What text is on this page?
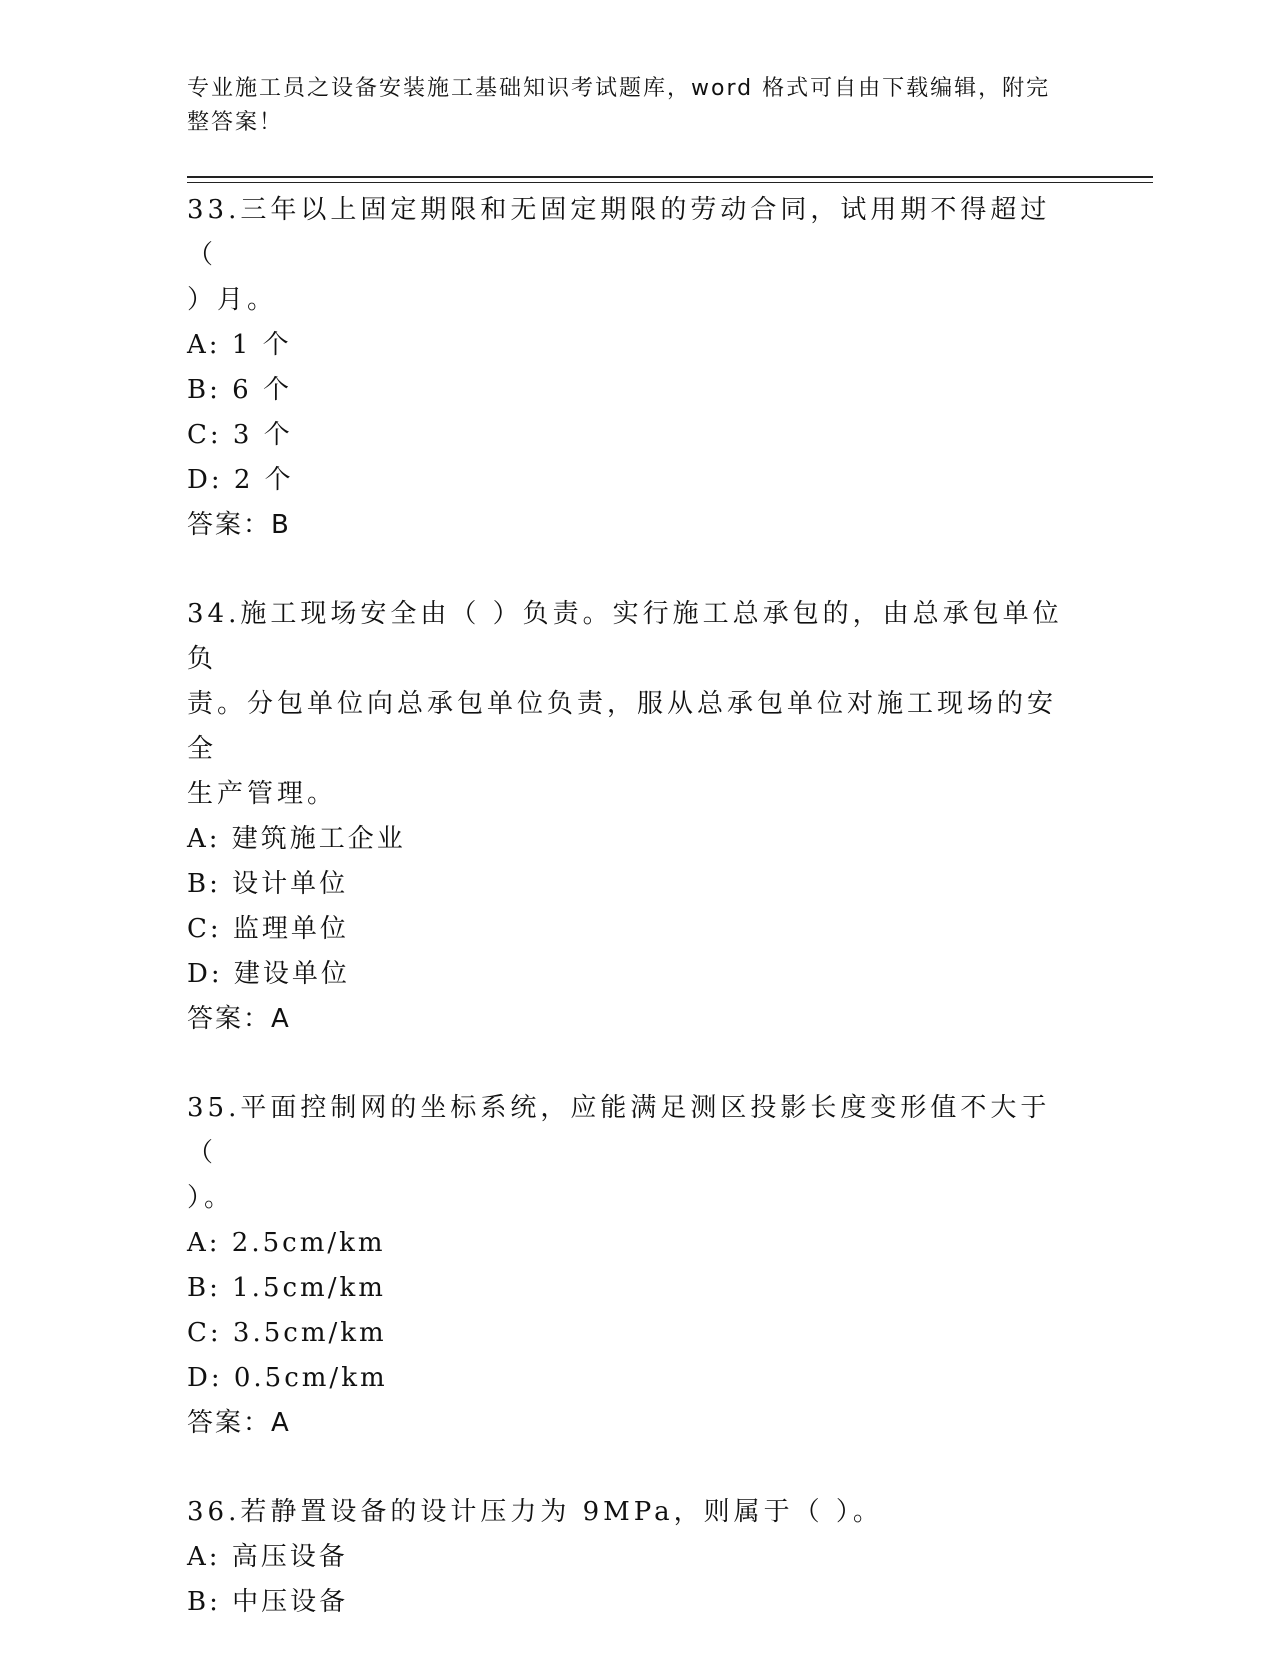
专业施工员之设备安装施工基础知识考试题库，word 格式可自由下载编辑，附完
整答案！

33.三年以上固定期限和无固定期限的劳动合同，试用期不得超过（

）月。

A: 1 个

B: 6 个

C: 3 个

D: 2 个

答案：B

34.施工现场安全由（ ）负责。实行施工总承包的，由总承包单位负

责。分包单位向总承包单位负责，服从总承包单位对施工现场的安全

生产管理。

A: 建筑施工企业

B: 设计单位

C: 监理单位

D: 建设单位

答案：A

35.平面控制网的坐标系统，应能满足测区投影长度变形值不大于（

）。

A: 2.5cm/km

B: 1.5cm/km

C: 3.5cm/km

D: 0.5cm/km

答案：A

36.若静置设备的设计压力为 9MPa，则属于（ ）。

A: 高压设备

B: 中压设备
